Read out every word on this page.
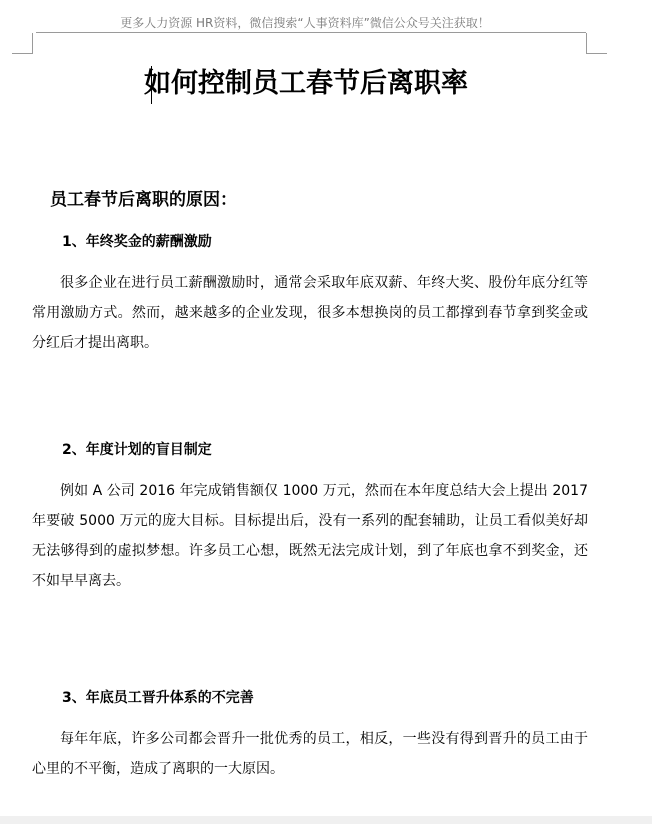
更多人力资源 HR资料，微信搜索“人事资料库”微信公众号关注获取！
如何控制员工春节后离职率
员工春节后离职的原因：
1、年终奖金的薪酬激励

很多企业在进行员工薪酬激励时，通常会采取年底双薪、年终大奖、股份年底分红等常用激励方式。然而，越来越多的企业发现，很多本想换岗的员工都撑到春节拿到奖金或分红后才提出离职。

2、年度计划的盲目制定

例如 A 公司 2016 年完成销售额仅 1000 万元，然而在本年度总结大会上提出 2017 年要破 5000 万元的庞大目标。目标提出后，没有一系列的配套辅助，让员工看似美好却无法够得到的虚拟梦想。许多员工心想，既然无法完成计划，到了年底也拿不到奖金，还不如早早离去。

3、年底员工晋升体系的不完善

每年年底，许多公司都会晋升一批优秀的员工，相反，一些没有得到晋升的员工由于心里的不平衡，造成了离职的一大原因。
